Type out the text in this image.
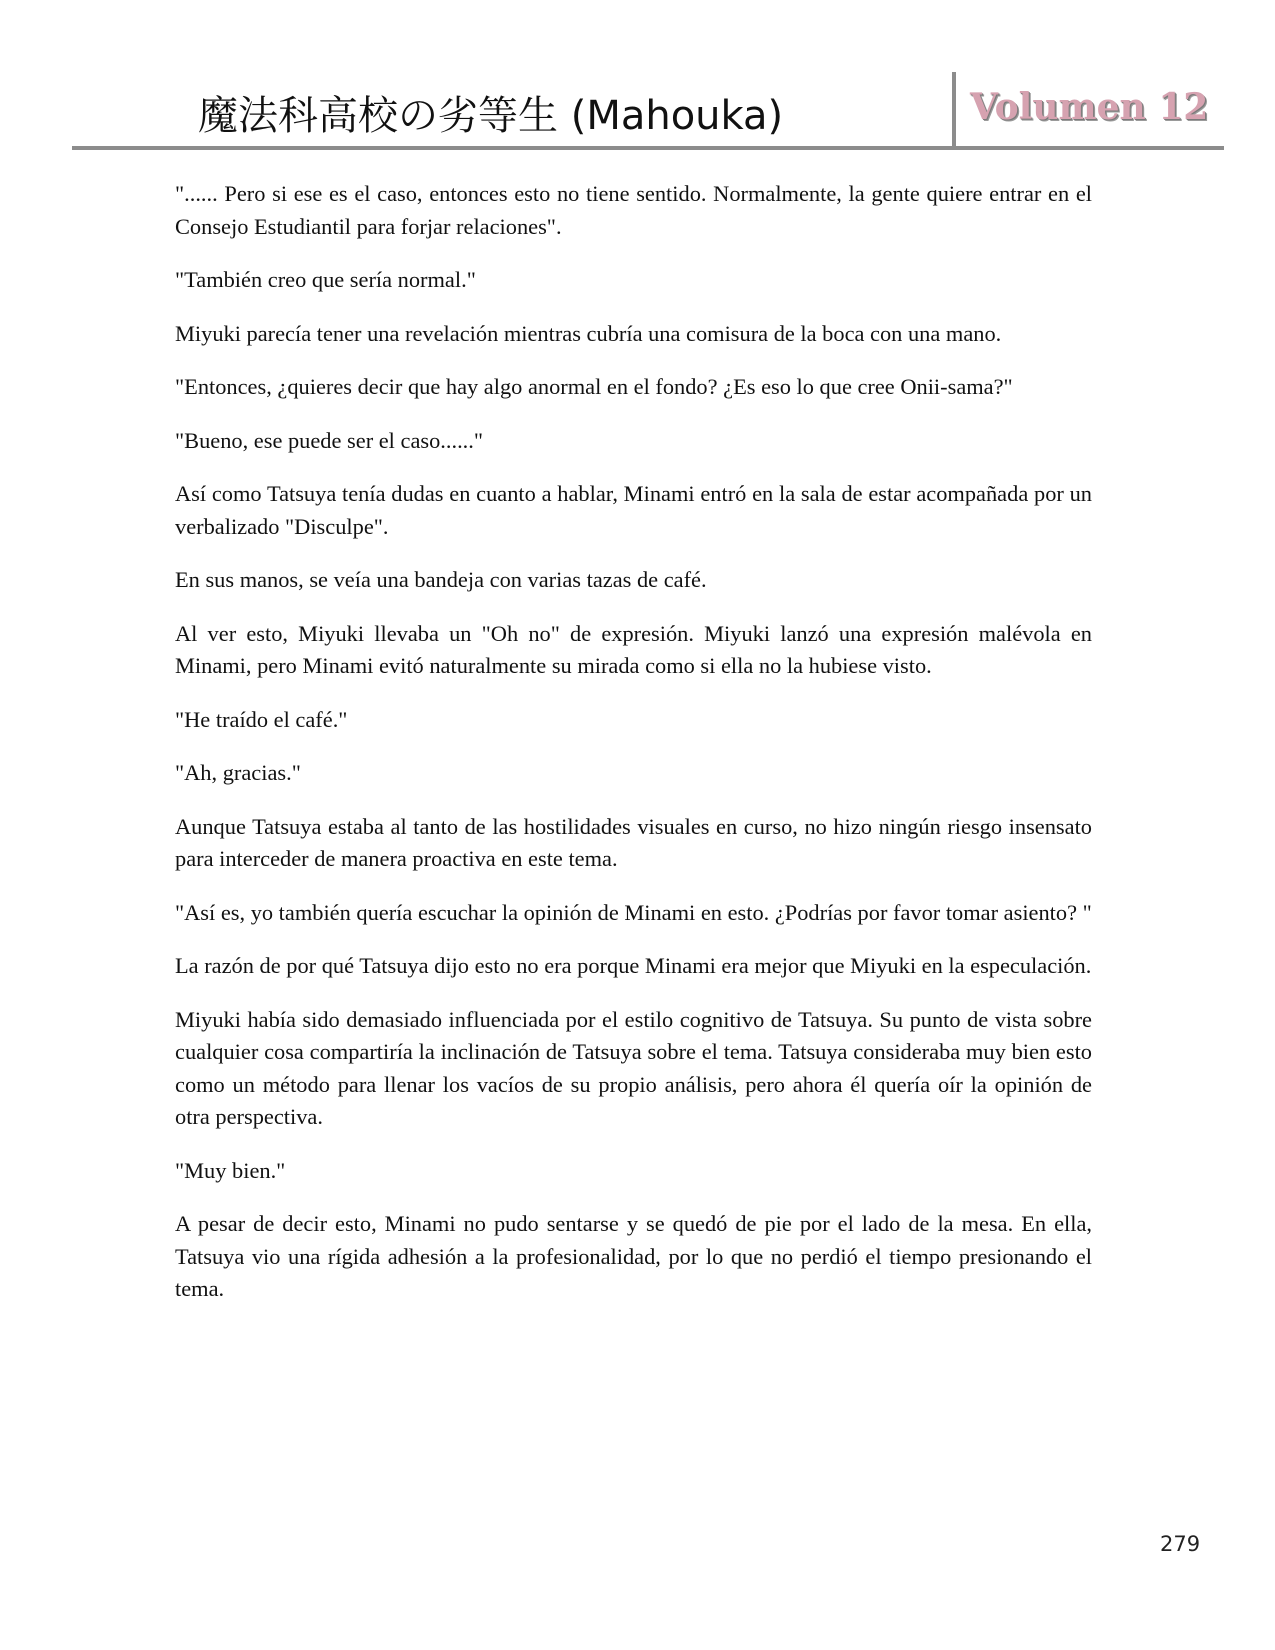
魔法科高校の劣等生 (Mahouka)	Volumen 12

"...... Pero si ese es el caso, entonces esto no tiene sentido. Normalmente, la gente quiere entrar en el Consejo Estudiantil para forjar relaciones".

"También creo que sería normal."

Miyuki parecía tener una revelación mientras cubría una comisura de la boca con una mano.

"Entonces, ¿quieres decir que hay algo anormal en el fondo? ¿Es eso lo que cree Onii-sama?"

"Bueno, ese puede ser el caso......"

Así como Tatsuya tenía dudas en cuanto a hablar, Minami entró en la sala de estar acompañada por un verbalizado "Disculpe".

En sus manos, se veía una bandeja con varias tazas de café.

Al ver esto, Miyuki llevaba un "Oh no" de expresión. Miyuki lanzó una expresión malévola en Minami, pero Minami evitó naturalmente su mirada como si ella no la hubiese visto.

"He traído el café."

"Ah, gracias."

Aunque Tatsuya estaba al tanto de las hostilidades visuales en curso, no hizo ningún riesgo insensato para interceder de manera proactiva en este tema.

"Así es, yo también quería escuchar la opinión de Minami en esto. ¿Podrías por favor tomar asiento? "

La razón de por qué Tatsuya dijo esto no era porque Minami era mejor que Miyuki en la especulación.

Miyuki había sido demasiado influenciada por el estilo cognitivo de Tatsuya. Su punto de vista sobre cualquier cosa compartiría la inclinación de Tatsuya sobre el tema. Tatsuya consideraba muy bien esto como un método para llenar los vacíos de su propio análisis, pero ahora él quería oír la opinión de otra perspectiva.

"Muy bien."

A pesar de decir esto, Minami no pudo sentarse y se quedó de pie por el lado de la mesa. En ella, Tatsuya vio una rígida adhesión a la profesionalidad, por lo que no perdió el tiempo presionando el tema.

279
